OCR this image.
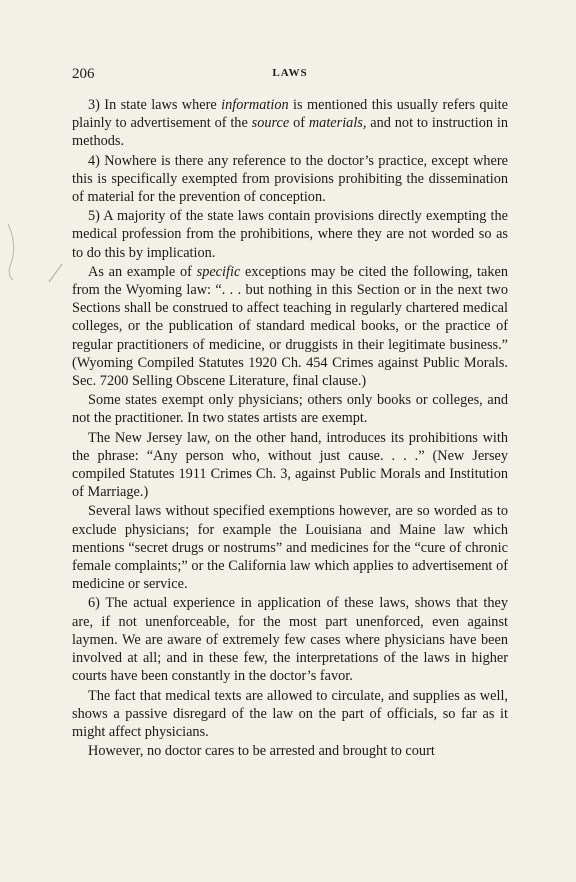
206	LAWS

3) In state laws where information is mentioned this usually refers quite plainly to advertisement of the source of materials, and not to instruction in methods.

4) Nowhere is there any reference to the doctor’s practice, except where this is specifically exempted from provisions prohibiting the dissemination of material for the prevention of conception.

5) A majority of the state laws contain provisions directly exempting the medical profession from the prohibitions, where they are not worded so as to do this by implication.

As an example of specific exceptions may be cited the following, taken from the Wyoming law: “. . . but nothing in this Section or in the next two Sections shall be construed to affect teaching in regularly chartered medical colleges, or the publication of standard medical books, or the practice of regular practitioners of medicine, or druggists in their legitimate business.” (Wyoming Compiled Statutes 1920 Ch. 454 Crimes against Public Morals. Sec. 7200 Selling Obscene Literature, final clause.)

Some states exempt only physicians; others only books or colleges, and not the practitioner. In two states artists are exempt.

The New Jersey law, on the other hand, introduces its prohibitions with the phrase: “Any person who, without just cause. . . .” (New Jersey compiled Statutes 1911 Crimes Ch. 3, against Public Morals and Institution of Marriage.)

Several laws without specified exemptions however, are so worded as to exclude physicians; for example the Louisiana and Maine law which mentions “secret drugs or nostrums” and medicines for the “cure of chronic female complaints;” or the California law which applies to advertisement of medicine or service.

6) The actual experience in application of these laws, shows that they are, if not unenforceable, for the most part unenforced, even against laymen. We are aware of extremely few cases where physicians have been involved at all; and in these few, the interpretations of the laws in higher courts have been constantly in the doctor’s favor.

The fact that medical texts are allowed to circulate, and supplies as well, shows a passive disregard of the law on the part of officials, so far as it might affect physicians.

However, no doctor cares to be arrested and brought to court
